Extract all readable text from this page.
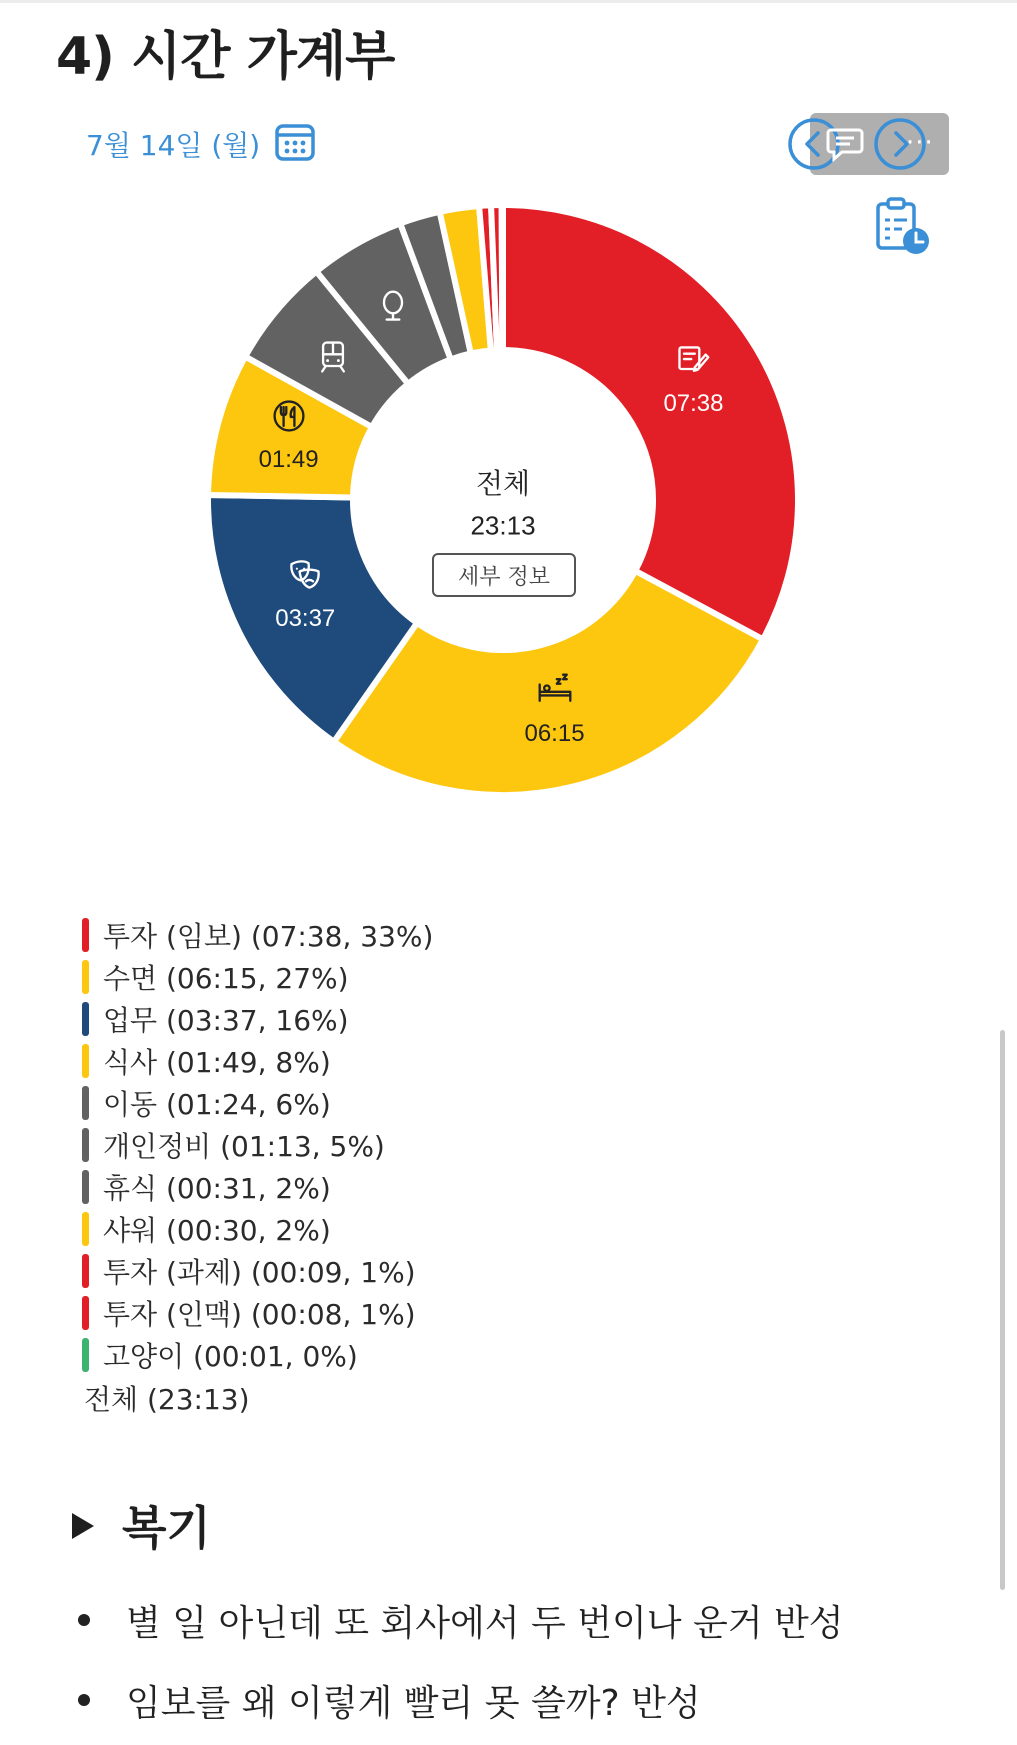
4) 시간 가계부
7월 14일 (월)	···
07:38
06:15
03:37
01:49
전체
23:13
세부 정보
투자 (임보) (07:38, 33%)
수면 (06:15, 27%)
업무 (03:37, 16%)
식사 (01:49, 8%)
이동 (01:24, 6%)
개인정비 (01:13, 5%)
휴식 (00:31, 2%)
샤워 (00:30, 2%)
투자 (과제) (00:09, 1%)
투자 (인맥) (00:08, 1%)
고양이 (00:01, 0%)
전체 (23:13)
복기
별 일 아닌데 또 회사에서 두 번이나 운거 반성
임보를 왜 이렇게 빨리 못 쓸까? 반성
